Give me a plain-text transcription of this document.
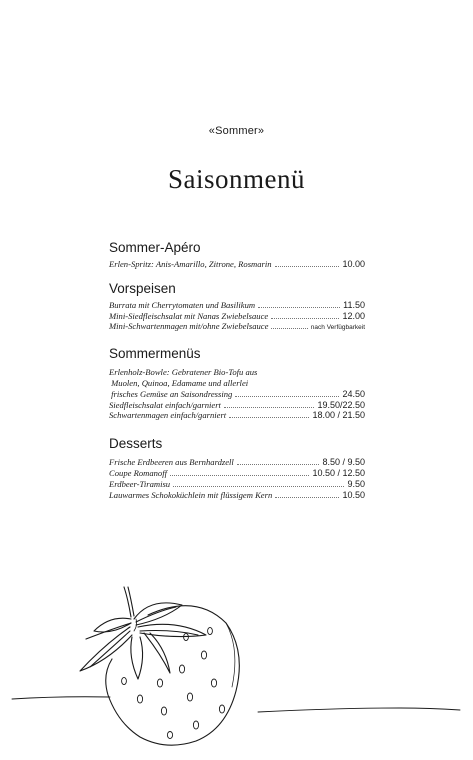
«Sommer»
Saisonmenü
Sommer-Apéro
Erlen-Spritz: Anis-Amarillo, Zitrone, Rosmarin	10.00
Vorspeisen
Burrata mit Cherrytomaten und Basilikum	11.50
Mini-Siedfleischsalat mit Nanas Zwiebelsauce	12.00
Mini-Schwartenmagen mit/ohne Zwiebelsauce	nach Verfügbarkeit
Sommermenüs
Erlenholz-Bowle: Gebratener Bio-Tofu aus
Muolen, Quinoa, Edamame und allerlei
frisches Gemüse an Saisondressing	24.50
Siedfleischsalat einfach/garniert	19.50/22.50
Schwartenmagen einfach/garniert	18.00 / 21.50
Desserts
Frische Erdbeeren aus Bernhardzell	8.50 / 9.50
Coupe Romanoff	10.50 / 12.50
Erdbeer-Tiramisu	9.50
Lauwarmes Schokoküchlein mit flüssigem Kern	10.50
